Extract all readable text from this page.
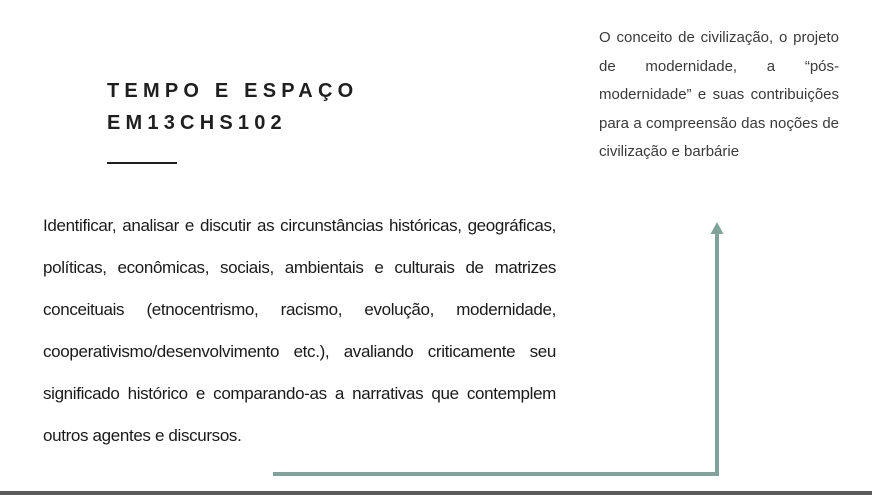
TEMPO E ESPAÇO
EM13CHS102
Identificar, analisar e discutir as circunstâncias históricas, geográficas, políticas, econômicas, sociais, ambientais e culturais de matrizes conceituais (etnocentrismo, racismo, evolução, modernidade, cooperativismo/desenvolvimento etc.), avaliando criticamente seu significado histórico e comparando-as a narrativas que contemplem outros agentes e discursos.
O conceito de civilização, o projeto de modernidade, a “pós-modernidade” e suas contribuições para a compreensão das noções de civilização e barbárie
